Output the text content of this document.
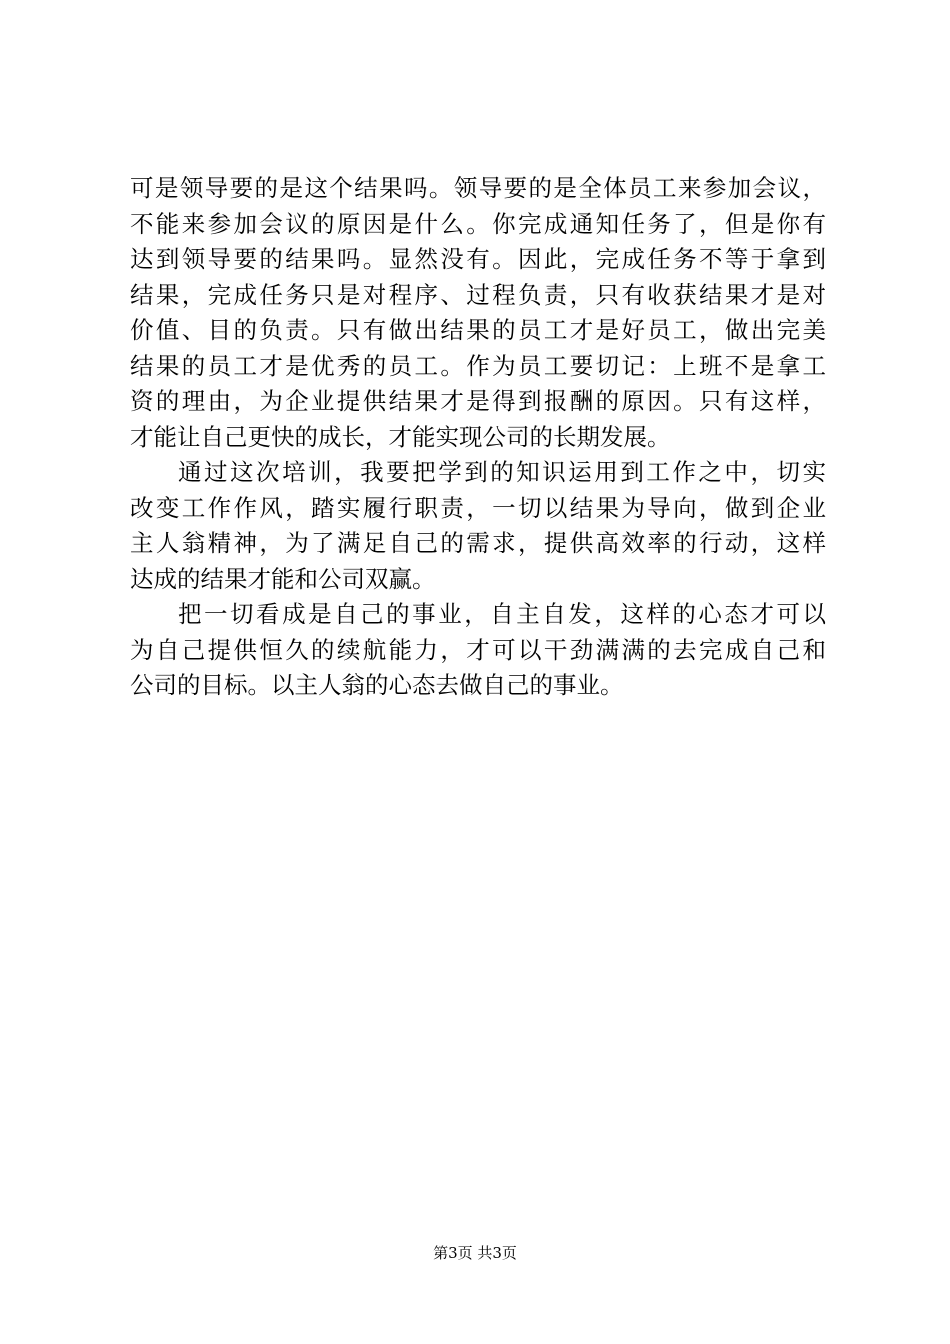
可是领导要的是这个结果吗。领导要的是全体员工来参加会议，
不能来参加会议的原因是什么。你完成通知任务了，但是你有
达到领导要的结果吗。显然没有。因此，完成任务不等于拿到
结果，完成任务只是对程序、过程负责，只有收获结果才是对
价值、目的负责。只有做出结果的员工才是好员工，做出完美
结果的员工才是优秀的员工。作为员工要切记：上班不是拿工
资的理由，为企业提供结果才是得到报酬的原因。只有这样，
才能让自己更快的成长，才能实现公司的长期发展。
通过这次培训，我要把学到的知识运用到工作之中，切实
改变工作作风，踏实履行职责，一切以结果为导向，做到企业
主人翁精神，为了满足自己的需求，提供高效率的行动，这样
达成的结果才能和公司双赢。
把一切看成是自己的事业，自主自发，这样的心态才可以
为自己提供恒久的续航能力，才可以干劲满满的去完成自己和
公司的目标。以主人翁的心态去做自己的事业。
第3页 共3页
